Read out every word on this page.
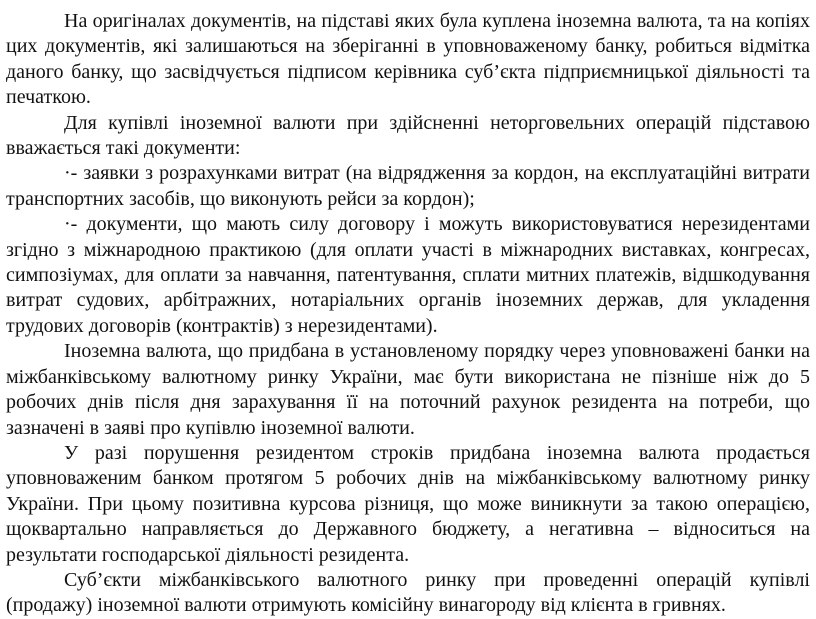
На оригіналах документів, на підставі яких була куплена іноземна валюта, та на копіях цих документів, які залишаються на зберіганні в уповноваженому банку, робиться відмітка даного банку, що засвідчується підписом керівника суб’єкта підприємницької діяльності та печаткою.

Для купівлі іноземної валюти при здійсненні неторговельних операцій підставою вважається такі документи:

·- заявки з розрахунками витрат (на відрядження за кордон, на експлуатаційні витрати транспортних засобів, що виконують рейси за кордон);

·- документи, що мають силу договору і можуть використовуватися нерезидентами згідно з міжнародною практикою (для оплати участі в міжнародних виставках, конгресах, симпозіумах, для оплати за навчання, патентування, сплати митних платежів, відшкодування витрат судових, арбітражних, нотаріальних органів іноземних держав, для укладення трудових договорів (контрактів) з нерезидентами).

Іноземна валюта, що придбана в установленому порядку через уповноважені банки на міжбанківському валютному ринку України, має бути використана не пізніше ніж до 5 робочих днів після дня зарахування її на поточний рахунок резидента на потреби, що зазначені в заяві про купівлю іноземної валюти.

У разі порушення резидентом строків придбана іноземна валюта продається уповноваженим банком протягом 5 робочих днів на міжбанківському валютному ринку України. При цьому позитивна курсова різниця, що може виникнути за такою операцією, щоквартально направляється до Державного бюджету, а негативна – відноситься на результати господарської діяльності резидента.

Суб’єкти міжбанківського валютного ринку при проведенні операцій купівлі (продажу) іноземної валюти отримують комісійну винагороду від клієнта в гривнях.
